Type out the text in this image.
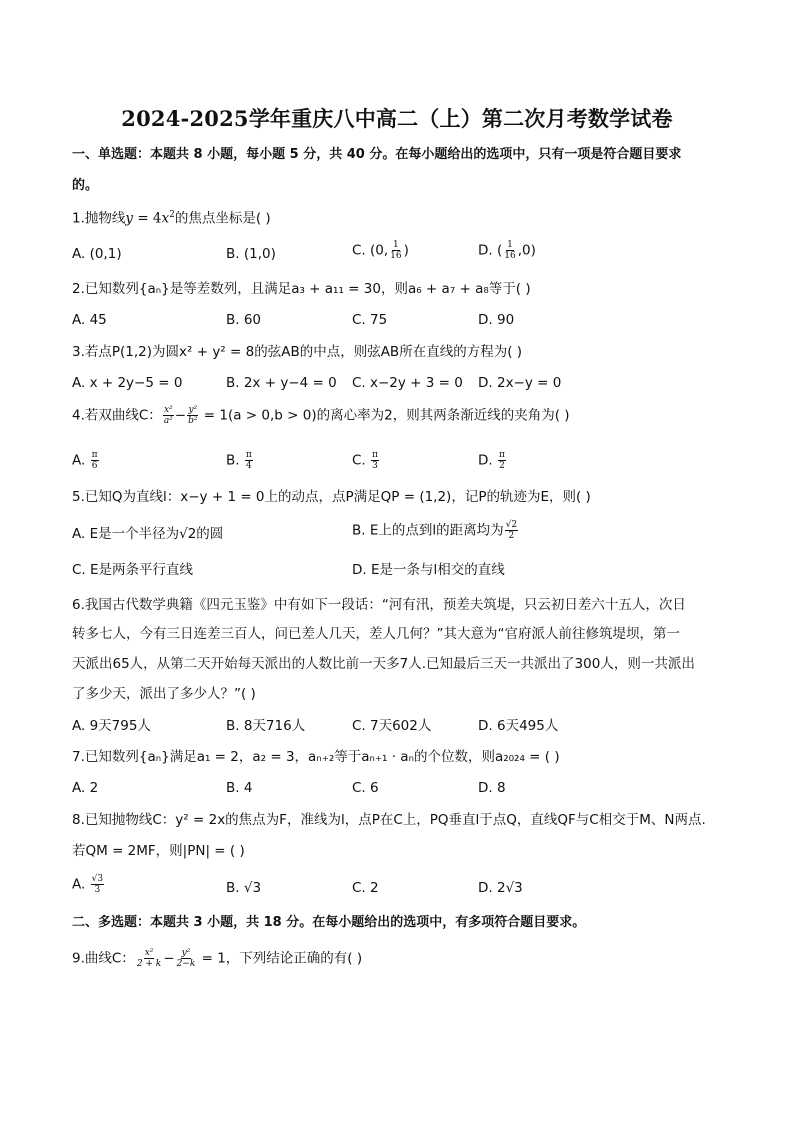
2024-2025学年重庆八中高二（上）第二次月考数学试卷
一、单选题：本题共 8 小题，每小题 5 分，共 40 分。在每小题给出的选项中，只有一项是符合题目要求
的。
1.抛物线$y = 4x^2$的焦点坐标是( )
A. (0,1)	B. (1,0)	C. (0, $\frac{1}{16}$ )	D. ( $\frac{1}{16} ,0$)
2.已知数列{aₙ}是等差数列，且满足a₃ + a₁₁ = 30，则a₆ + a₇ + a₈等于( )
A. 45	B. 60	C. 75	D. 90
3.若点P(1,2)为圆x² + y² = 8的弦AB的中点，则弦AB所在直线的方程为( )
A. x + 2y−5 = 0	B. 2x + y−4 = 0 C. x−2y + 3 = 0 D. 2x−y = 0
4.若双曲线C： $\frac{\text{x²}}{\text{a²}} - \frac{\text{y²}}{\text{b²}} = 1(a > 0,b > 0)$的离心率为2，则其两条渐近线的夹角为( )
A. $\frac{\pi}{6}$	B. $\frac{\pi}{4}$	C. $\frac{\pi}{3}$	D. $\frac{\pi}{2}$
5.已知Q为直线l：x−y + 1 = 0上的动点，点P满足QP = (1,2)，记P的轨迹为E，则( )
A. E是一个半径为√2的圆	B. E上的点到l的距离均为 $\frac{√2}{2}$
C. E是两条平行直线	D. E是一条与l相交的直线
6.我国古代数学典籍《四元玉鉴》中有如下一段话：“河有汛，预差夫筑堤，只云初日差六十五人，次日
转多七人，今有三日连差三百人，问已差人几天，差人几何？”其大意为“官府派人前往修筑堤坝，第一
天派出65人，从第二天开始每天派出的人数比前一天多7人.已知最后三天一共派出了300人，则一共派出
了多少天，派出了多少人？”( )
A. 9天795人	B. 8天716人	C. 7天602人	D. 6天495人
7.已知数列{aₙ}满足a₁ = 2，a₂ = 3，aₙ₊₂等于aₙ₊₁ · aₙ的个位数，则a₂₀₂₄ = ( )
A. 2	B. 4	C. 6	D. 8
8.已知抛物线C：y² = 2x的焦点为F，准线为l，点P在C上，PQ垂直l于点Q，直线QF与C相交于M、N两点.
若QM = 2MF，则|PN| = ( )
A. $\frac{√3}{3}$	B. √3	C. 2	D. 2√3
二、多选题：本题共 3 小题，共 18 分。在每小题给出的选项中，有多项符合题目要求。
9.曲线C： $\frac{\text{x²}}{2 + k} - \frac{\text{y²}}{2-k} = 1$，下列结论正确的有( )
